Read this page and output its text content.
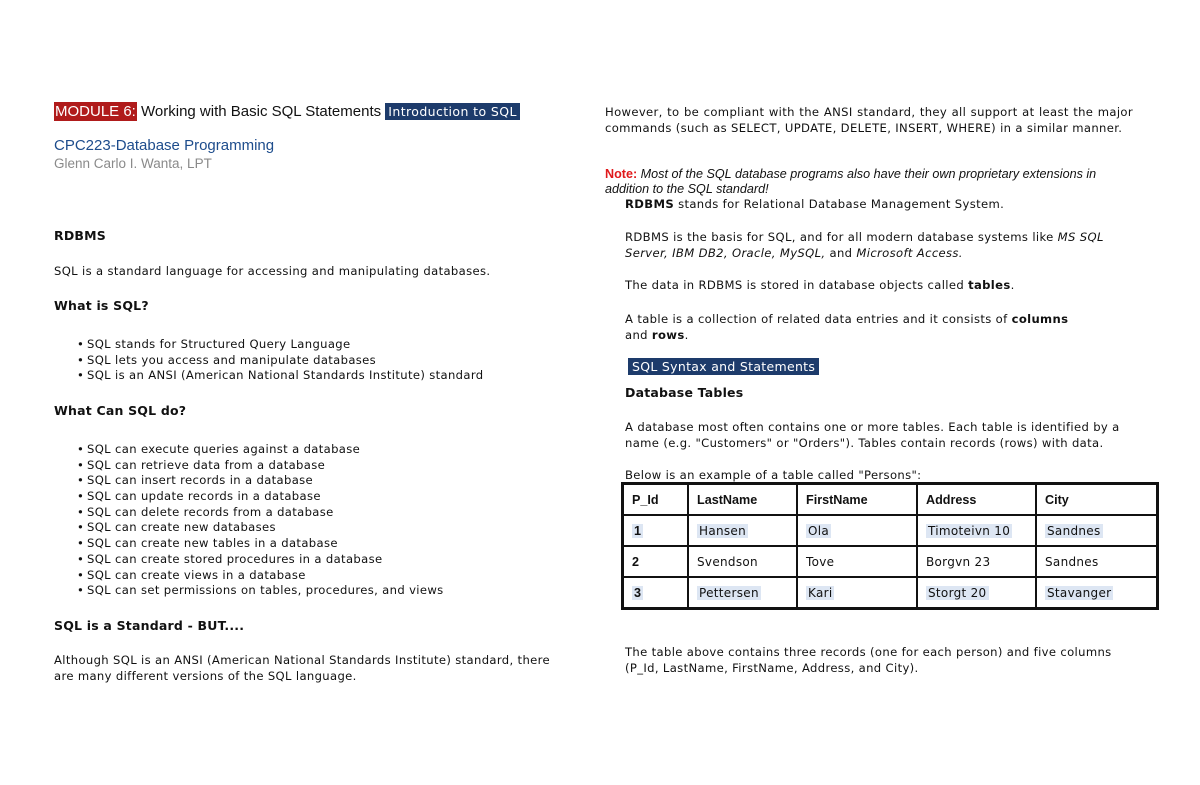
MODULE 6: Working with Basic SQL Statements Introduction to SQL
CPC223-Database Programming
Glenn Carlo I. Wanta, LPT
RDBMS
SQL is a standard language for accessing and manipulating databases.
What is SQL?
• SQL stands for Structured Query Language
• SQL lets you access and manipulate databases
• SQL is an ANSI (American National Standards Institute) standard
What Can SQL do?
• SQL can execute queries against a database
• SQL can retrieve data from a database
• SQL can insert records in a database
• SQL can update records in a database
• SQL can delete records from a database
• SQL can create new databases
• SQL can create new tables in a database
• SQL can create stored procedures in a database
• SQL can create views in a database
• SQL can set permissions on tables, procedures, and views
SQL is a Standard - BUT....
Although SQL is an ANSI (American National Standards Institute) standard, there are many different versions of the SQL language.
However, to be compliant with the ANSI standard, they all support at least the major commands (such as SELECT, UPDATE, DELETE, INSERT, WHERE) in a similar manner.
Note: Most of the SQL database programs also have their own proprietary extensions in addition to the SQL standard!
RDBMS stands for Relational Database Management System.
RDBMS is the basis for SQL, and for all modern database systems like MS SQL Server, IBM DB2, Oracle, MySQL, and Microsoft Access.
The data in RDBMS is stored in database objects called tables.
A table is a collection of related data entries and it consists of columns and rows.
SQL Syntax and Statements
Database Tables
A database most often contains one or more tables. Each table is identified by a name (e.g. "Customers" or "Orders"). Tables contain records (rows) with data.
Below is an example of a table called "Persons":
P_Id	LastName	FirstName	Address	City
1	Hansen	Ola	Timoteivn 10	Sandnes
2	Svendson	Tove	Borgvn 23	Sandnes
3	Pettersen	Kari	Storgt 20	Stavanger
The table above contains three records (one for each person) and five columns (P_Id, LastName, FirstName, Address, and City).
